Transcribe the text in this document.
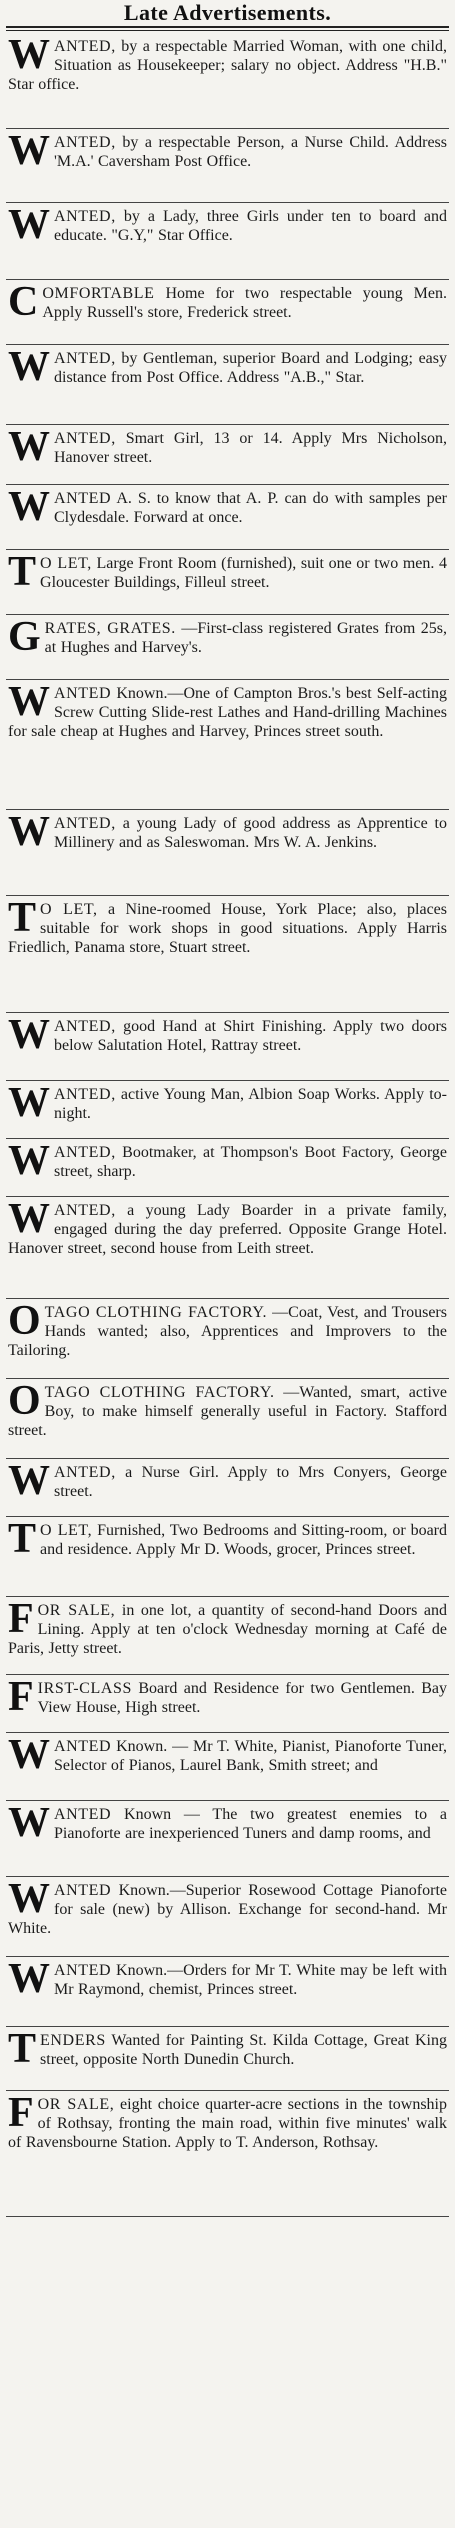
Late Advertisements.
WANTED, by a respectable Married Woman, with one child, Situation as Housekeeper; salary no object. Address "H.B." Star office.
WANTED, by a respectable Person, a Nurse Child. Address 'M.A.' Caversham Post Office.
WANTED, by a Lady, three Girls under ten to board and educate. "G.Y," Star Office.
COMFORTABLE Home for two respectable young Men. Apply Russell's store, Frederick street.
WANTED, by Gentleman, superior Board and Lodging; easy distance from Post Office. Address "A.B.," Star.
WANTED, Smart Girl, 13 or 14. Apply Mrs Nicholson, Hanover street.
WANTED A. S. to know that A. P. can do with samples per Clydesdale. Forward at once.
T O LET, Large Front Room (furnished), suit one or two men. 4 Gloucester Buildings, Filleul street.
GRATES, GRATES. —First-class registered Grates from 25s, at Hughes and Harvey's.
WANTED Known.—One of Campton Bros.'s best Self-acting Screw Cutting Slide-rest Lathes and Hand-drilling Machines for sale cheap at Hughes and Harvey, Princes street south.
WANTED, a young Lady of good address as Apprentice to Millinery and as Saleswoman. Mrs W. A. Jenkins.
T O LET, a Nine-roomed House, York Place; also, places suitable for work shops in good situations. Apply Harris Friedlich, Panama store, Stuart street.
WANTED, good Hand at Shirt Finishing. Apply two doors below Salutation Hotel, Rattray street.
WANTED, active Young Man, Albion Soap Works. Apply to-night.
WANTED, Bootmaker, at Thompson's Boot Factory, George street, sharp.
WANTED, a young Lady Boarder in a private family, engaged during the day preferred. Opposite Grange Hotel. Hanover street, second house from Leith street.
OTAGO CLOTHING FACTORY. —Coat, Vest, and Trousers Hands wanted; also, Apprentices and Improvers to the Tailoring.
OTAGO CLOTHING FACTORY. —Wanted, smart, active Boy, to make himself generally useful in Factory. Stafford street.
WANTED, a Nurse Girl. Apply to Mrs Conyers, George street.
T O LET, Furnished, Two Bedrooms and Sitting-room, or board and residence. Apply Mr D. Woods, grocer, Princes street.
FOR SALE, in one lot, a quantity of second-hand Doors and Lining. Apply at ten o'clock Wednesday morning at Café de Paris, Jetty street.
FIRST-CLASS Board and Residence for two Gentlemen. Bay View House, High street.
WANTED Known. — Mr T. White, Pianist, Pianoforte Tuner, Selector of Pianos, Laurel Bank, Smith street; and
WANTED Known — The two greatest enemies to a Pianoforte are inexperienced Tuners and damp rooms, and
WANTED Known.—Superior Rosewood Cottage Pianoforte for sale (new) by Allison. Exchange for second-hand. Mr White.
WANTED Known.—Orders for Mr T. White may be left with Mr Raymond, chemist, Princes street.
TENDERS Wanted for Painting St. Kilda Cottage, Great King street, opposite North Dunedin Church.
FOR SALE, eight choice quarter-acre sections in the township of Rothsay, fronting the main road, within five minutes' walk of Ravensbourne Station. Apply to T. Anderson, Rothsay.
